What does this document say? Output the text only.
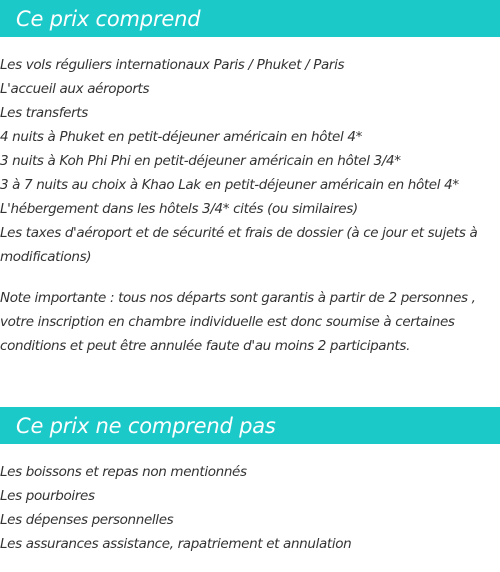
Ce prix comprend
Les vols réguliers internationaux Paris / Phuket / Paris
L'accueil aux aéroports
Les transferts
4 nuits à Phuket en petit-déjeuner américain en hôtel 4*
3 nuits à Koh Phi Phi en petit-déjeuner américain en hôtel 3/4*
3 à 7 nuits au choix à Khao Lak en petit-déjeuner américain en hôtel 4*
L'hébergement dans les hôtels 3/4* cités (ou similaires)
Les taxes d'aéroport et de sécurité et frais de dossier (à ce jour et sujets à modifications)

Note importante : tous nos départs sont garantis à partir de 2 personnes , votre inscription en chambre individuelle est donc soumise à certaines conditions et peut être annulée faute d'au moins 2 participants.

Ce prix ne comprend pas
Les boissons et repas non mentionnés
Les pourboires
Les dépenses personnelles
Les assurances assistance, rapatriement et annulation
